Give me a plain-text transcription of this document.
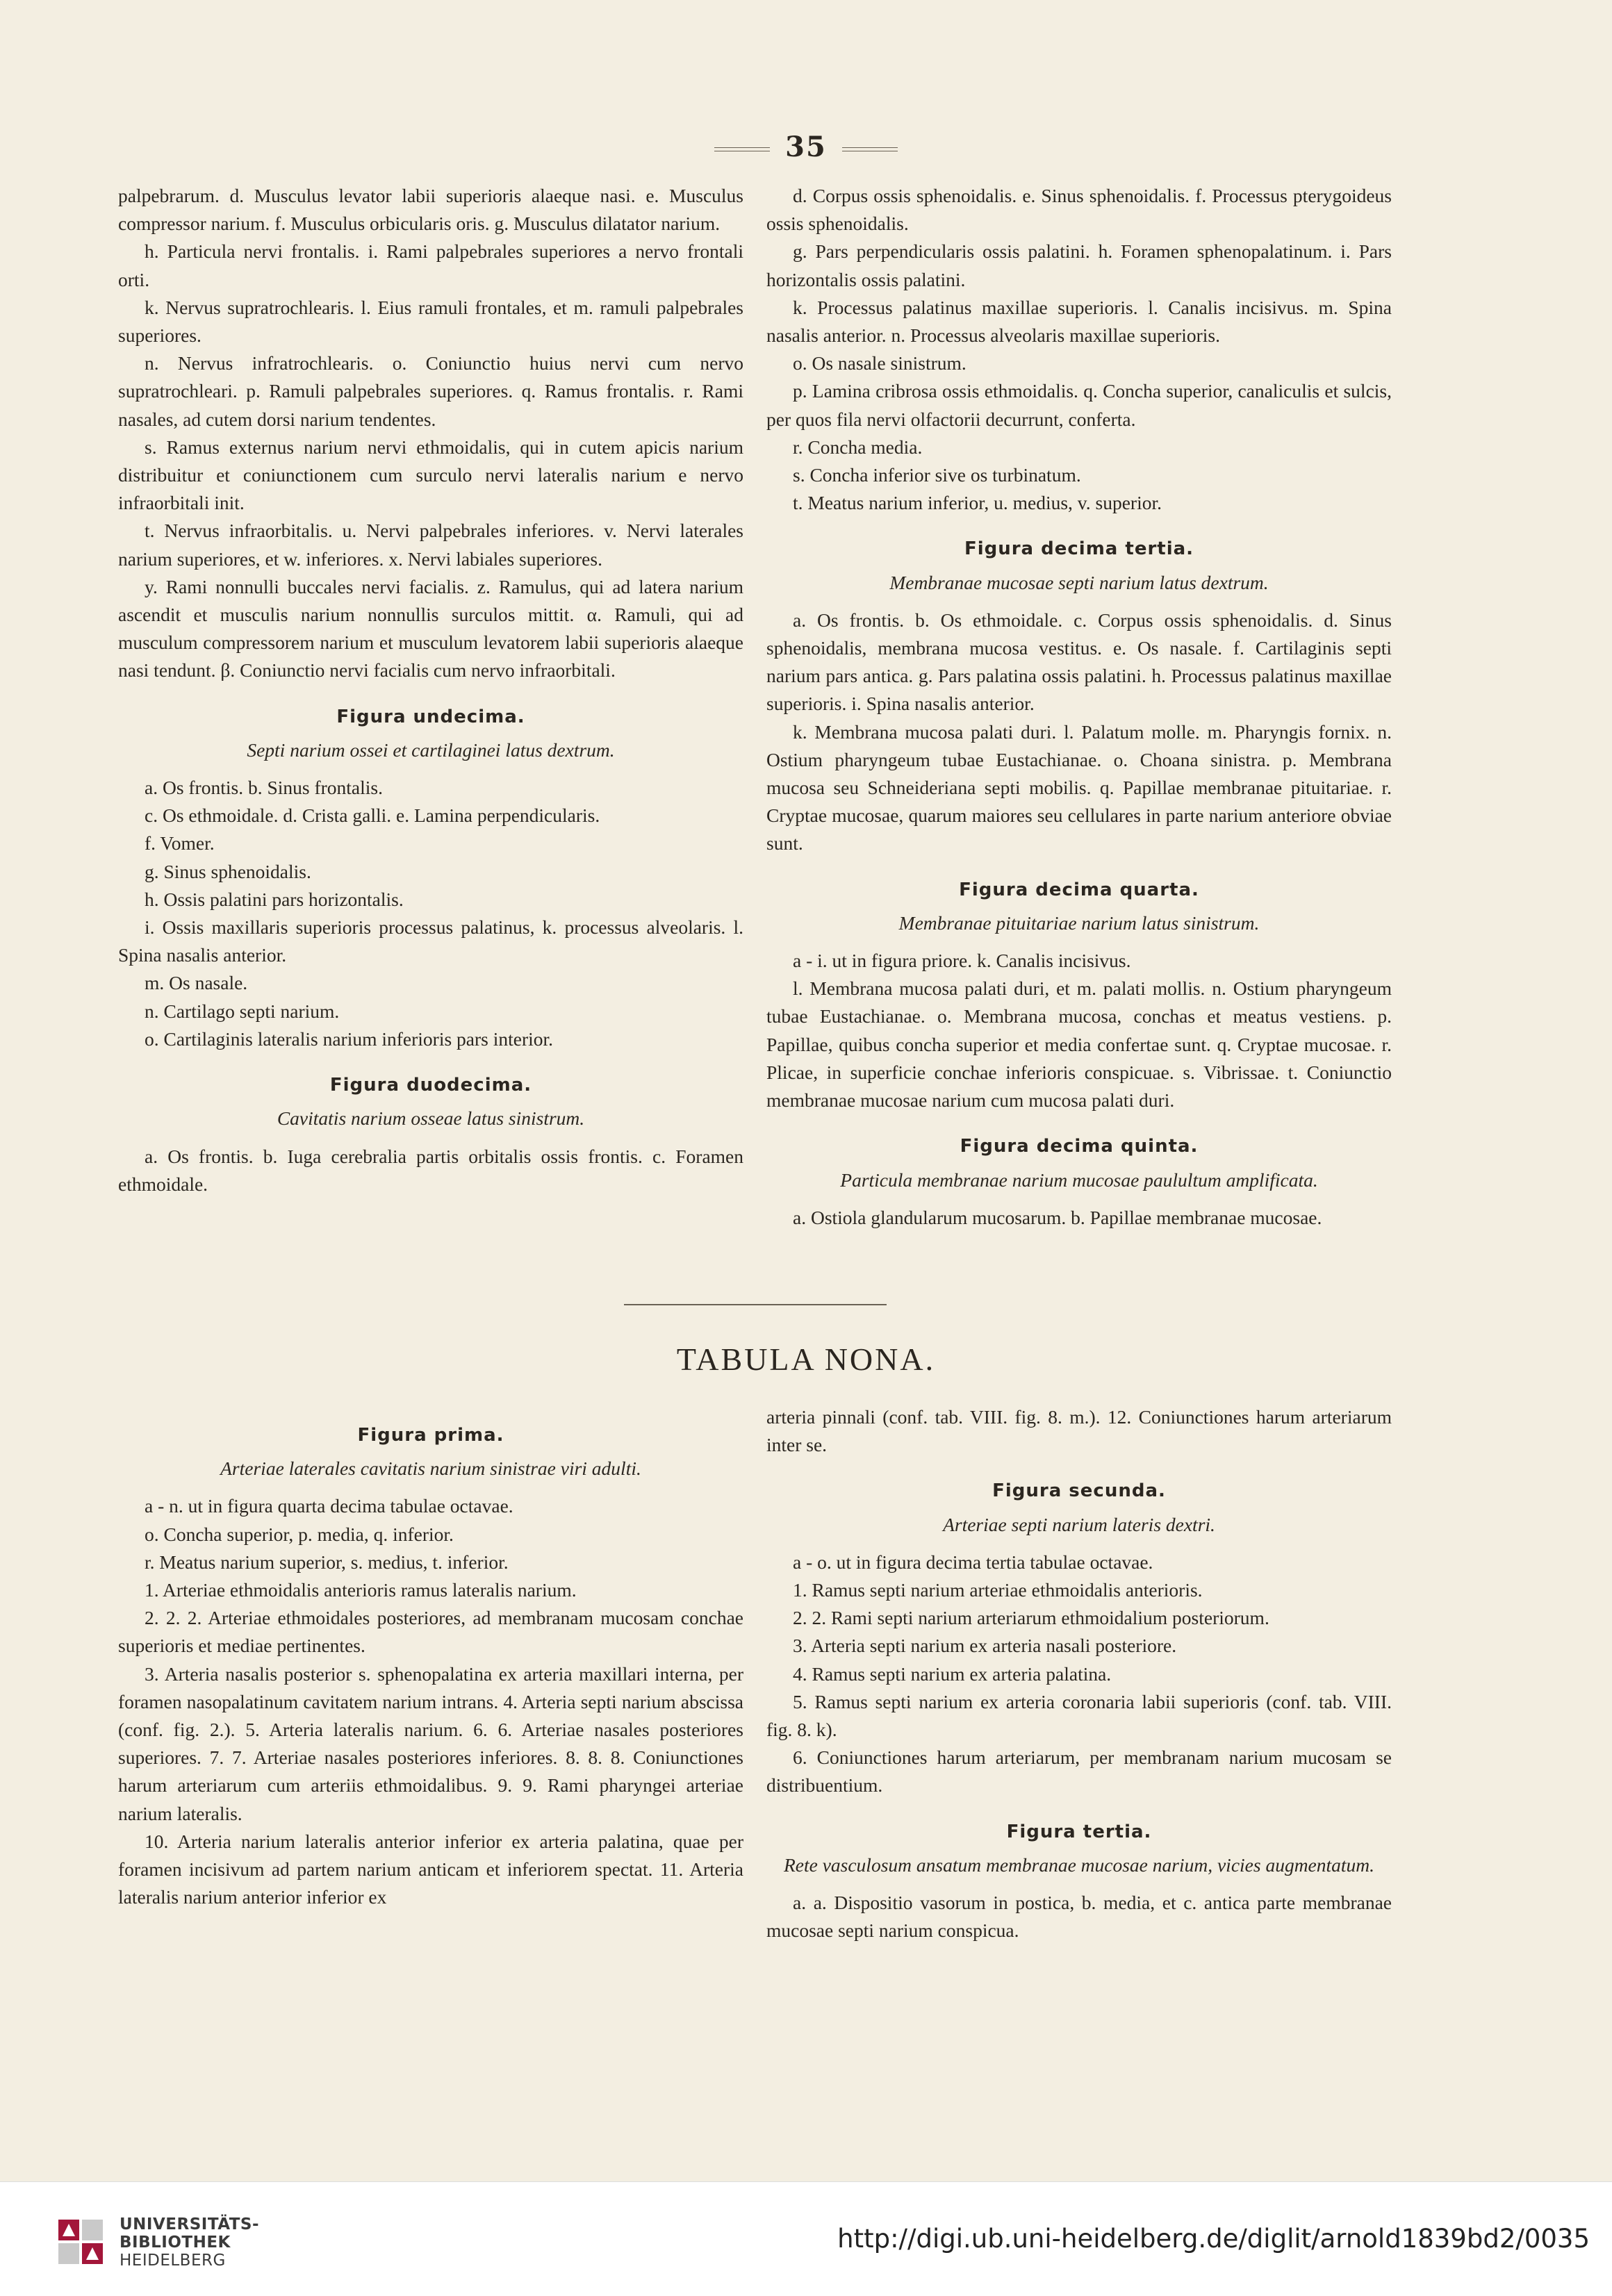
35

palpebrarum. d. Musculus levator labii superioris alaeque nasi. e. Musculus compressor narium. f. Musculus orbicularis oris. g. Musculus dilatator narium.

h. Particula nervi frontalis. i. Rami palpebrales superiores a nervo frontali orti.

k. Nervus supratrochlearis. l. Eius ramuli frontales, et m. ramuli palpebrales superiores.

n. Nervus infratrochlearis. o. Coniunctio huius nervi cum nervo supratrochleari. p. Ramuli palpebrales superiores. q. Ramus frontalis. r. Rami nasales, ad cutem dorsi narium tendentes.

s. Ramus externus narium nervi ethmoidalis, qui in cutem apicis narium distribuitur et coniunctionem cum surculo nervi lateralis narium e nervo infraorbitali init.

t. Nervus infraorbitalis. u. Nervi palpebrales inferiores. v. Nervi laterales narium superiores, et w. inferiores. x. Nervi labiales superiores.

y. Rami nonnulli buccales nervi facialis. z. Ramulus, qui ad latera narium ascendit et musculis narium nonnullis surculos mittit. α. Ramuli, qui ad musculum compressorem narium et musculum levatorem labii superioris alaeque nasi tendunt. β. Coniunctio nervi facialis cum nervo infraorbitali.

Figura undecima.

Septi narium ossei et cartilaginei latus dextrum.

a. Os frontis. b. Sinus frontalis.

c. Os ethmoidale. d. Crista galli. e. Lamina perpendicularis.

f. Vomer.

g. Sinus sphenoidalis.

h. Ossis palatini pars horizontalis.

i. Ossis maxillaris superioris processus palatinus, k. processus alveolaris. l. Spina nasalis anterior.

m. Os nasale.

n. Cartilago septi narium.

o. Cartilaginis lateralis narium inferioris pars interior.

Figura duodecima.

Cavitatis narium osseae latus sinistrum.

a. Os frontis. b. Iuga cerebralia partis orbitalis ossis frontis. c. Foramen ethmoidale.

d. Corpus ossis sphenoidalis. e. Sinus sphenoidalis. f. Processus pterygoideus ossis sphenoidalis.

g. Pars perpendicularis ossis palatini. h. Foramen sphenopalatinum. i. Pars horizontalis ossis palatini.

k. Processus palatinus maxillae superioris. l. Canalis incisivus. m. Spina nasalis anterior. n. Processus alveolaris maxillae superioris.

o. Os nasale sinistrum.

p. Lamina cribrosa ossis ethmoidalis. q. Concha superior, canaliculis et sulcis, per quos fila nervi olfactorii decurrunt, conferta.

r. Concha media.

s. Concha inferior sive os turbinatum.

t. Meatus narium inferior, u. medius, v. superior.

Figura decima tertia.

Membranae mucosae septi narium latus dextrum.

a. Os frontis. b. Os ethmoidale. c. Corpus ossis sphenoidalis. d. Sinus sphenoidalis, membrana mucosa vestitus. e. Os nasale. f. Cartilaginis septi narium pars antica. g. Pars palatina ossis palatini. h. Processus palatinus maxillae superioris. i. Spina nasalis anterior.

k. Membrana mucosa palati duri. l. Palatum molle. m. Pharyngis fornix. n. Ostium pharyngeum tubae Eustachianae. o. Choana sinistra. p. Membrana mucosa seu Schneideriana septi mobilis. q. Papillae membranae pituitariae. r. Cryptae mucosae, quarum maiores seu cellulares in parte narium anteriore obviae sunt.

Figura decima quarta.

Membranae pituitariae narium latus sinistrum.

a - i. ut in figura priore. k. Canalis incisivus.

l. Membrana mucosa palati duri, et m. palati mollis. n. Ostium pharyngeum tubae Eustachianae. o. Membrana mucosa, conchas et meatus vestiens. p. Papillae, quibus concha superior et media confertae sunt. q. Cryptae mucosae. r. Plicae, in superficie conchae inferioris conspicuae. s. Vibrissae. t. Coniunctio membranae mucosae narium cum mucosa palati duri.

Figura decima quinta.

Particula membranae narium mucosae paulultum amplificata.

a. Ostiola glandularum mucosarum. b. Papillae membranae mucosae.

TABULA NONA.

Figura prima.

Arteriae laterales cavitatis narium sinistrae viri adulti.

a - n. ut in figura quarta decima tabulae octavae.

o. Concha superior, p. media, q. inferior.

r. Meatus narium superior, s. medius, t. inferior.

1. Arteriae ethmoidalis anterioris ramus lateralis narium.

2. 2. 2. Arteriae ethmoidales posteriores, ad membranam mucosam conchae superioris et mediae pertinentes.

3. Arteria nasalis posterior s. sphenopalatina ex arteria maxillari interna, per foramen nasopalatinum cavitatem narium intrans. 4. Arteria septi narium abscissa (conf. fig. 2.). 5. Arteria lateralis narium. 6. 6. Arteriae nasales posteriores superiores. 7. 7. Arteriae nasales posteriores inferiores. 8. 8. 8. Coniunctiones harum arteriarum cum arteriis ethmoidalibus. 9. 9. Rami pharyngei arteriae narium lateralis.

10. Arteria narium lateralis anterior inferior ex arteria palatina, quae per foramen incisivum ad partem narium anticam et inferiorem spectat. 11. Arteria lateralis narium anterior inferior ex

arteria pinnali (conf. tab. VIII. fig. 8. m.). 12. Coniunctiones harum arteriarum inter se.

Figura secunda.

Arteriae septi narium lateris dextri.

a - o. ut in figura decima tertia tabulae octavae.

1. Ramus septi narium arteriae ethmoidalis anterioris.

2. 2. Rami septi narium arteriarum ethmoidalium posteriorum.

3. Arteria septi narium ex arteria nasali posteriore.

4. Ramus septi narium ex arteria palatina.

5. Ramus septi narium ex arteria coronaria labii superioris (conf. tab. VIII. fig. 8. k).

6. Coniunctiones harum arteriarum, per membranam narium mucosam se distribuentium.

Figura tertia.

Rete vasculosum ansatum membranae mucosae narium, vicies augmentatum.

a. a. Dispositio vasorum in postica, b. media, et c. antica parte membranae mucosae septi narium conspicua.

UNIVERSITÄTS-
BIBLIOTHEK
HEIDELBERG
http://digi.ub.uni-heidelberg.de/diglit/arnold1839bd2/0035
